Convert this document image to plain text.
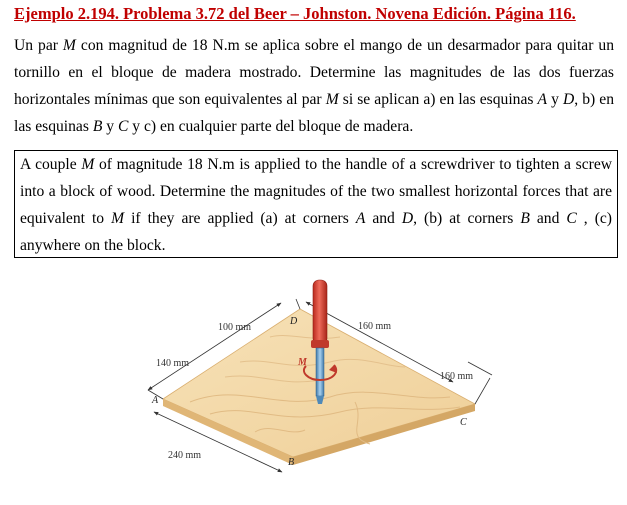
Ejemplo 2.194. Problema 3.72 del Beer – Johnston. Novena Edición. Página 116.
Un par M con magnitud de 18 N.m se aplica sobre el mango de un desarmador para quitar un tornillo en el bloque de madera mostrado. Determine las magnitudes de las dos fuerzas horizontales mínimas que son equivalentes al par M si se aplican a) en las esquinas A y D, b) en las esquinas B y C y c) en cualquier parte del bloque de madera.
A couple M of magnitude 18 N.m is applied to the handle of a screwdriver to tighten a screw into a block of wood. Determine the magnitudes of the two smallest horizontal forces that are equivalent to M if they are applied (a) at corners A and D, (b) at corners B and C , (c) anywhere on the block.
100 mm	160 mm
140 mm
160 mm
240 mm
A
B
C
D
M
